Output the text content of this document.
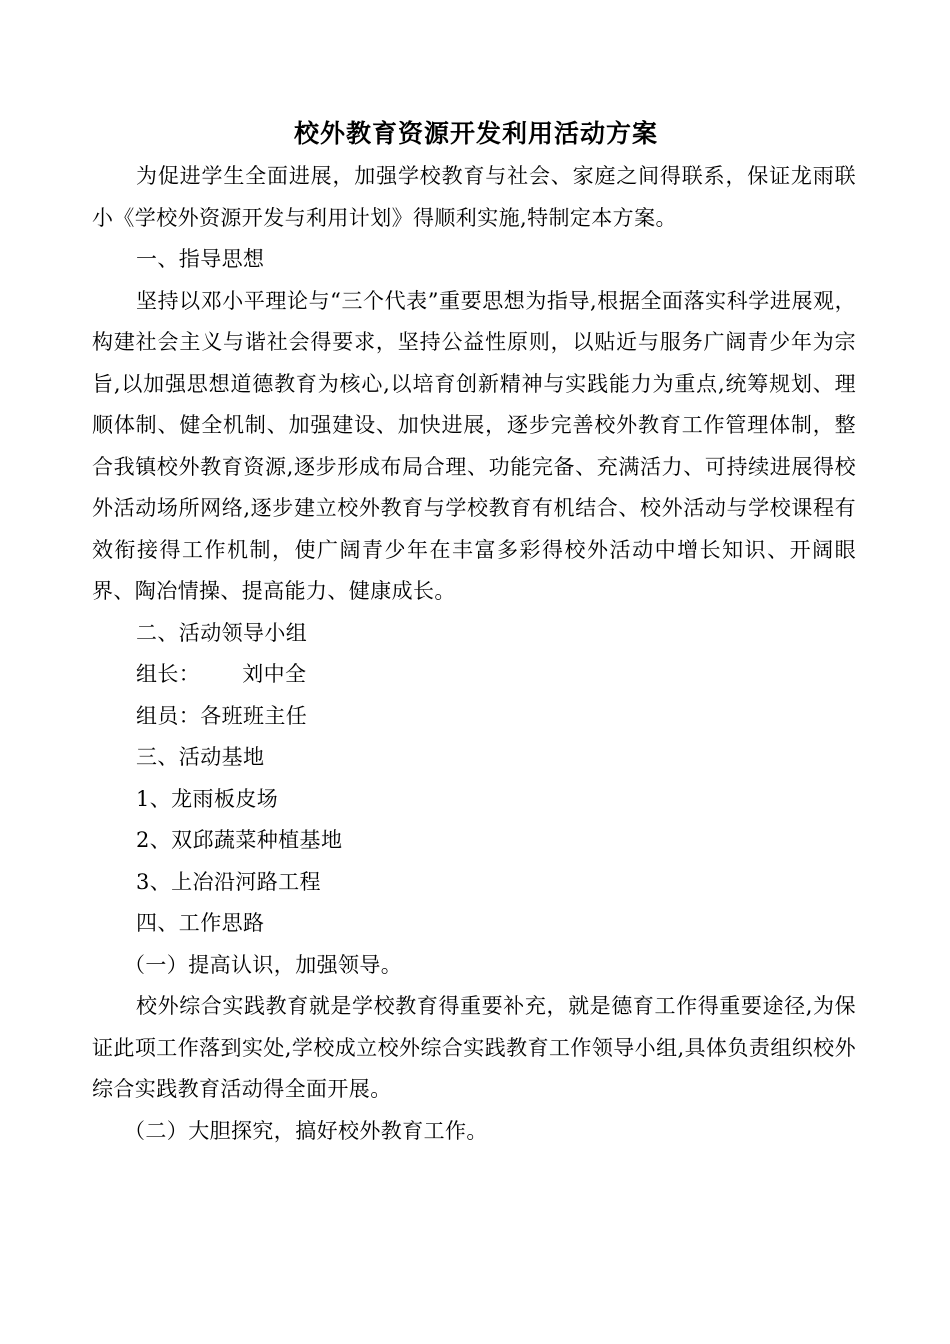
校外教育资源开发利用活动方案

为促进学生全面进展，加强学校教育与社会、家庭之间得联系，保证龙雨联小《学校外资源开发与利用计划》得顺利实施,特制定本方案。

一、指导思想

坚持以邓小平理论与“三个代表”重要思想为指导,根据全面落实科学进展观，构建社会主义与谐社会得要求，坚持公益性原则，以贴近与服务广阔青少年为宗旨,以加强思想道德教育为核心,以培育创新精神与实践能力为重点,统筹规划、理顺体制、健全机制、加强建设、加快进展，逐步完善校外教育工作管理体制，整合我镇校外教育资源,逐步形成布局合理、功能完备、充满活力、可持续进展得校外活动场所网络,逐步建立校外教育与学校教育有机结合、校外活动与学校课程有效衔接得工作机制，使广阔青少年在丰富多彩得校外活动中增长知识、开阔眼界、陶冶情操、提高能力、健康成长。

二、活动领导小组

组长： 刘中全

组员：各班班主任

三、活动基地

1、龙雨板皮场

2、双邱蔬菜种植基地

3、上冶沿河路工程

四、工作思路

（一）提高认识，加强领导。

校外综合实践教育就是学校教育得重要补充，就是德育工作得重要途径,为保证此项工作落到实处,学校成立校外综合实践教育工作领导小组,具体负责组织校外综合实践教育活动得全面开展。

（二）大胆探究，搞好校外教育工作。
